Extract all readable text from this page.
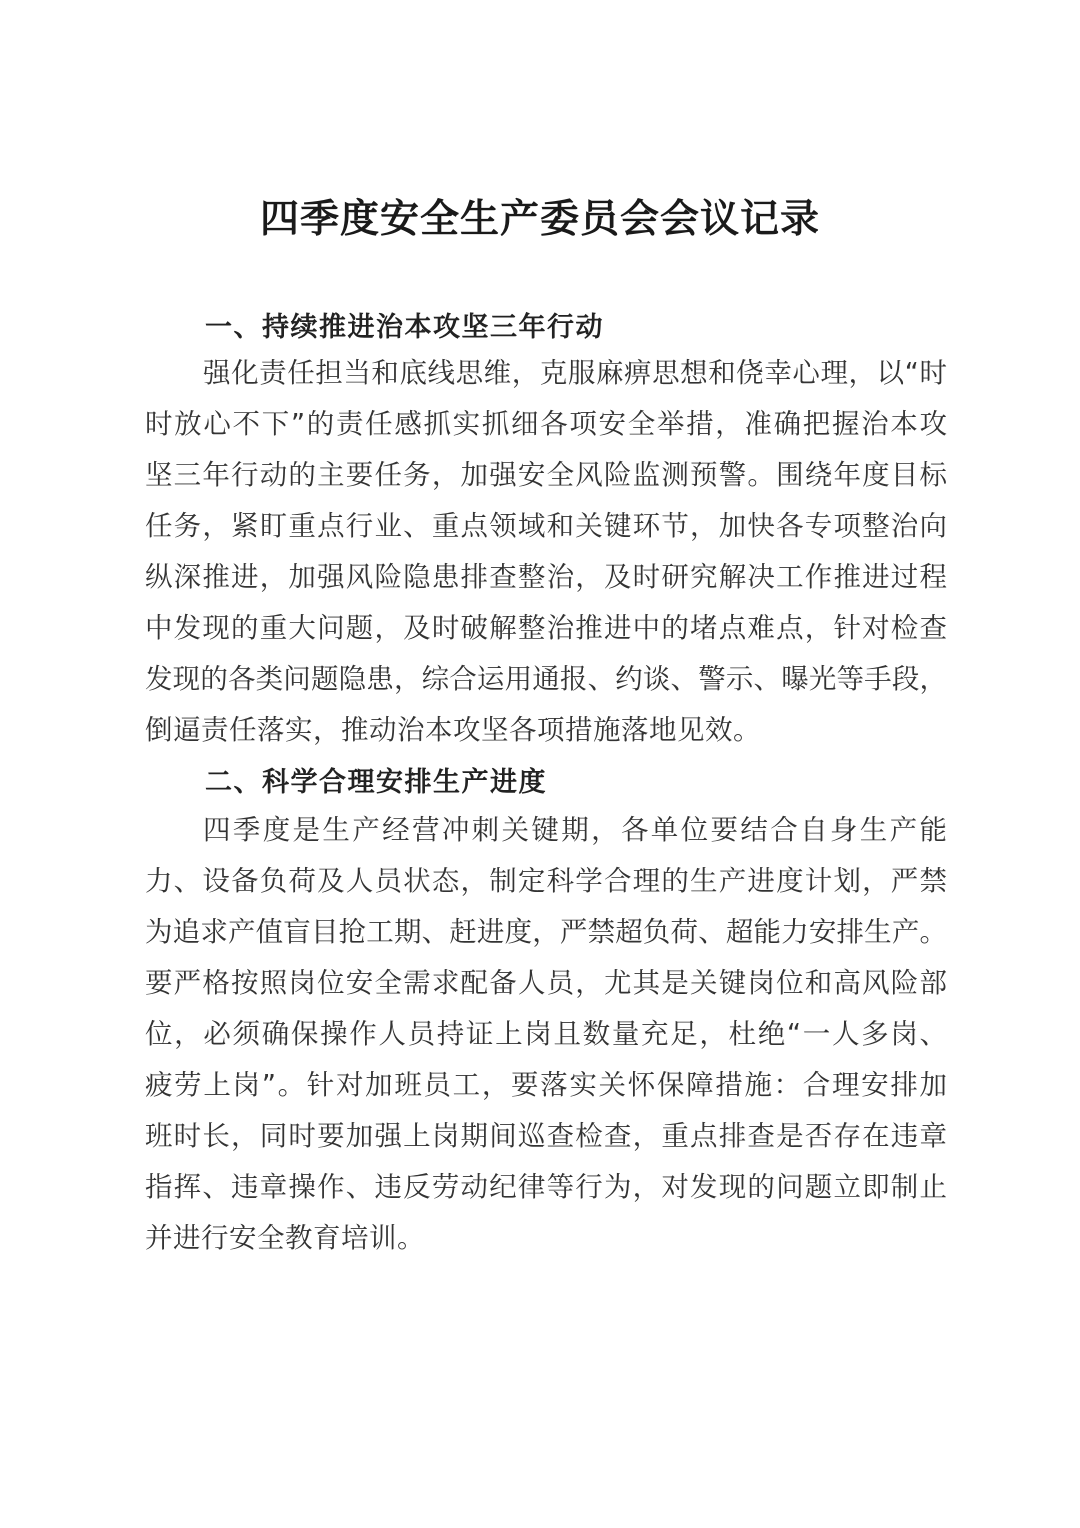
四季度安全生产委员会会议记录
一、持续推进治本攻坚三年行动
强化责任担当和底线思维，克服麻痹思想和侥幸心理，以“时
时放心不下”的责任感抓实抓细各项安全举措，准确把握治本攻
坚三年行动的主要任务，加强安全风险监测预警。围绕年度目标
任务，紧盯重点行业、重点领域和关键环节，加快各专项整治向
纵深推进，加强风险隐患排查整治，及时研究解决工作推进过程
中发现的重大问题，及时破解整治推进中的堵点难点，针对检查
发现的各类问题隐患，综合运用通报、约谈、警示、曝光等手段，
倒逼责任落实，推动治本攻坚各项措施落地见效。
二、科学合理安排生产进度
四季度是生产经营冲刺关键期，各单位要结合自身生产能
力、设备负荷及人员状态，制定科学合理的生产进度计划，严禁
为追求产值盲目抢工期、赶进度，严禁超负荷、超能力安排生产。
要严格按照岗位安全需求配备人员，尤其是关键岗位和高风险部
位，必须确保操作人员持证上岗且数量充足，杜绝“一人多岗、
疲劳上岗”。针对加班员工，要落实关怀保障措施：合理安排加
班时长，同时要加强上岗期间巡查检查，重点排查是否存在违章
指挥、违章操作、违反劳动纪律等行为，对发现的问题立即制止
并进行安全教育培训。
